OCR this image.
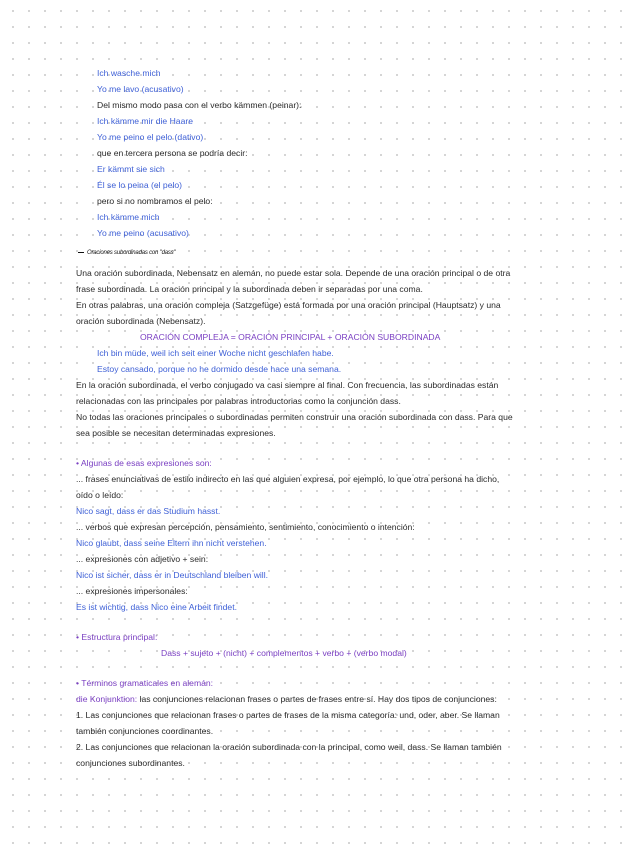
Ich wasche mich
Yo me lavo (acusativo)
Del mismo modo pasa con el verbo kämmen (peinar):
Ich kämme mir die Haare
Yo me peino el pelo (dativo)
que en tercera persona se podría decir:
Er kämmt sie sich
Él se lo peina (el pelo)
pero si no nombramos el pelo:
Ich kämme mich
Yo me peino (acusativo)
Oraciones subordinadas con "dass"
Una oración subordinada, Nebensatz en alemán, no puede estar sola. Depende de una oración principal o de otra
frase subordinada. La oración principal y la subordinada deben ir separadas por una coma.
En otras palabras, una oración compleja (Satzgefüge) está formada por una oración principal (Hauptsatz) y una
oración subordinada (Nebensatz).
ORACIÓN COMPLEJA = ORACIÓN PRINCIPAL + ORACIÓN SUBORDINADA
Ich bin müde, weil ich seit einer Woche nicht geschlafen habe.
Estoy cansado, porque no he dormido desde hace una semana.
En la oración subordinada, el verbo conjugado va casi siempre al final. Con frecuencia, las subordinadas están
relacionadas con las principales por palabras introductorias como la conjunción dass.
No todas las oraciones principales o subordinadas permiten construir una oración subordinada con dass. Para que
sea posible se necesitan determinadas expresiones.
• Algunas de esas expresiones son:
... frases enunciativas de estilo indirecto en las que alguien expresa, por ejemplo, lo que otra persona ha dicho,
oído o leído:
Nico sagt, dass er das Studium hasst.
... verbos que expresan percepción, pensamiento, sentimiento, conocimiento o intención:
Nico glaubt, dass seine Eltern ihn nicht verstehen.
... expresiones con adjetivo + sein:
Nico ist sicher, dass er in Deutschland bleiben will.
... expresiones impersonales:
Es ist wichtig, dass Nico eine Arbeit findet.
• Estructura principal:
Dass + sujeto + (nicht) + complementos + verbo + (verbo modal)
• Términos gramaticales en alemán:
die Konjunktion: las conjunciones relacionan frases o partes de frases entre sí. Hay dos tipos de conjunciones:
1. Las conjunciones que relacionan frases o partes de frases de la misma categoría: und, oder, aber. Se llaman
también conjunciones coordinantes.
2. Las conjunciones que relacionan la oración subordinada con la principal, como weil, dass. Se llaman también
conjunciones subordinantes.
